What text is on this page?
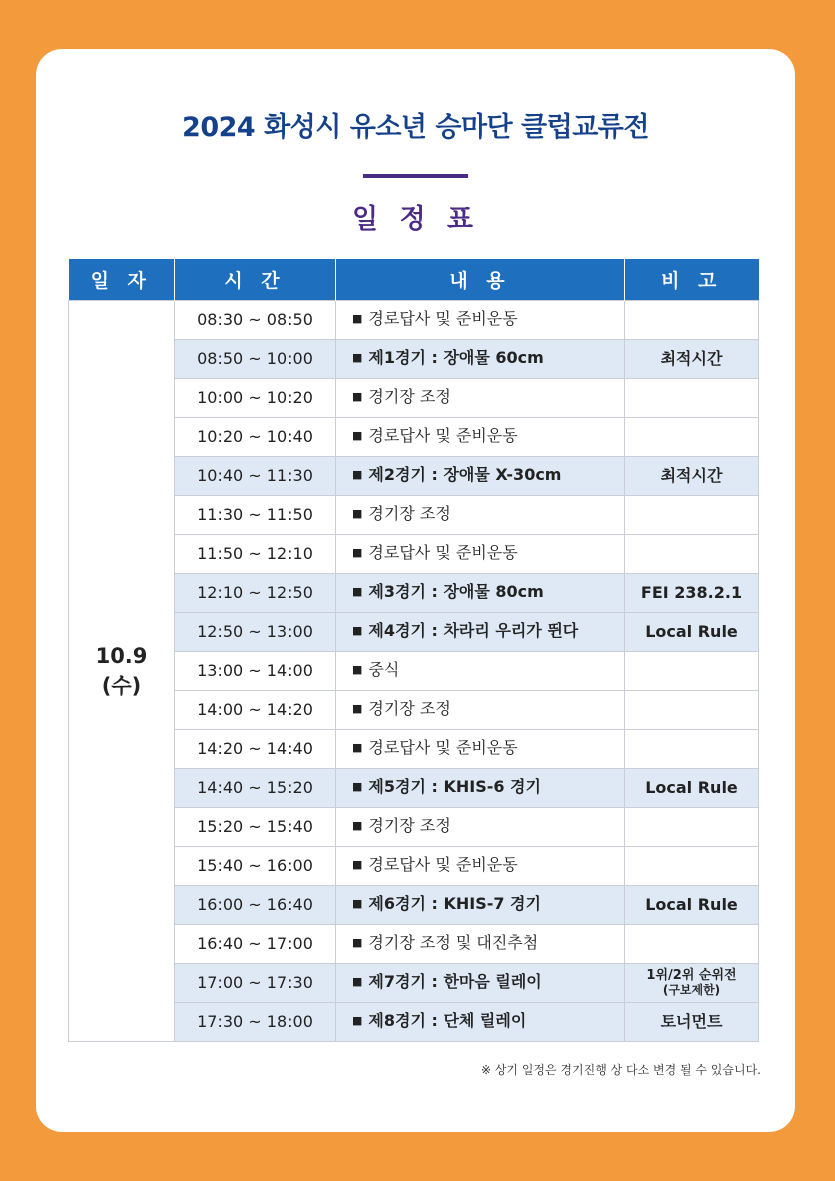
2024 화성시 유소년 승마단 클럽교류전
일 정 표
일 자	시 간	내 용	비 고

10.9
(수)	08:30 ~ 08:50	■ 경로답사 및 준비운동	
	08:50 ~ 10:00	■ 제1경기 : 장애물 60cm	최적시간
	10:00 ~ 10:20	■ 경기장 조정	
	10:20 ~ 10:40	■ 경로답사 및 준비운동	
	10:40 ~ 11:30	■ 제2경기 : 장애물 X-30cm	최적시간
	11:30 ~ 11:50	■ 경기장 조정	
	11:50 ~ 12:10	■ 경로답사 및 준비운동	
	12:10 ~ 12:50	■ 제3경기 : 장애물 80cm	FEI 238.2.1
	12:50 ~ 13:00	■ 제4경기 : 차라리 우리가 뛴다	Local Rule
	13:00 ~ 14:00	■ 중식	
	14:00 ~ 14:20	■ 경기장 조정	
	14:20 ~ 14:40	■ 경로답사 및 준비운동	
	14:40 ~ 15:20	■ 제5경기 : KHIS-6 경기	Local Rule
	15:20 ~ 15:40	■ 경기장 조정	
	15:40 ~ 16:00	■ 경로답사 및 준비운동	
	16:00 ~ 16:40	■ 제6경기 : KHIS-7 경기	Local Rule
	16:40 ~ 17:00	■ 경기장 조정 및 대진추첨	
	17:00 ~ 17:30	■ 제7경기 : 한마음 릴레이	1위/2위 순위전
(구보제한)

	17:30 ~ 18:00	■ 제8경기 : 단체 릴레이	토너먼트
※ 상기 일정은 경기진행 상 다소 변경 될 수 있습니다.
